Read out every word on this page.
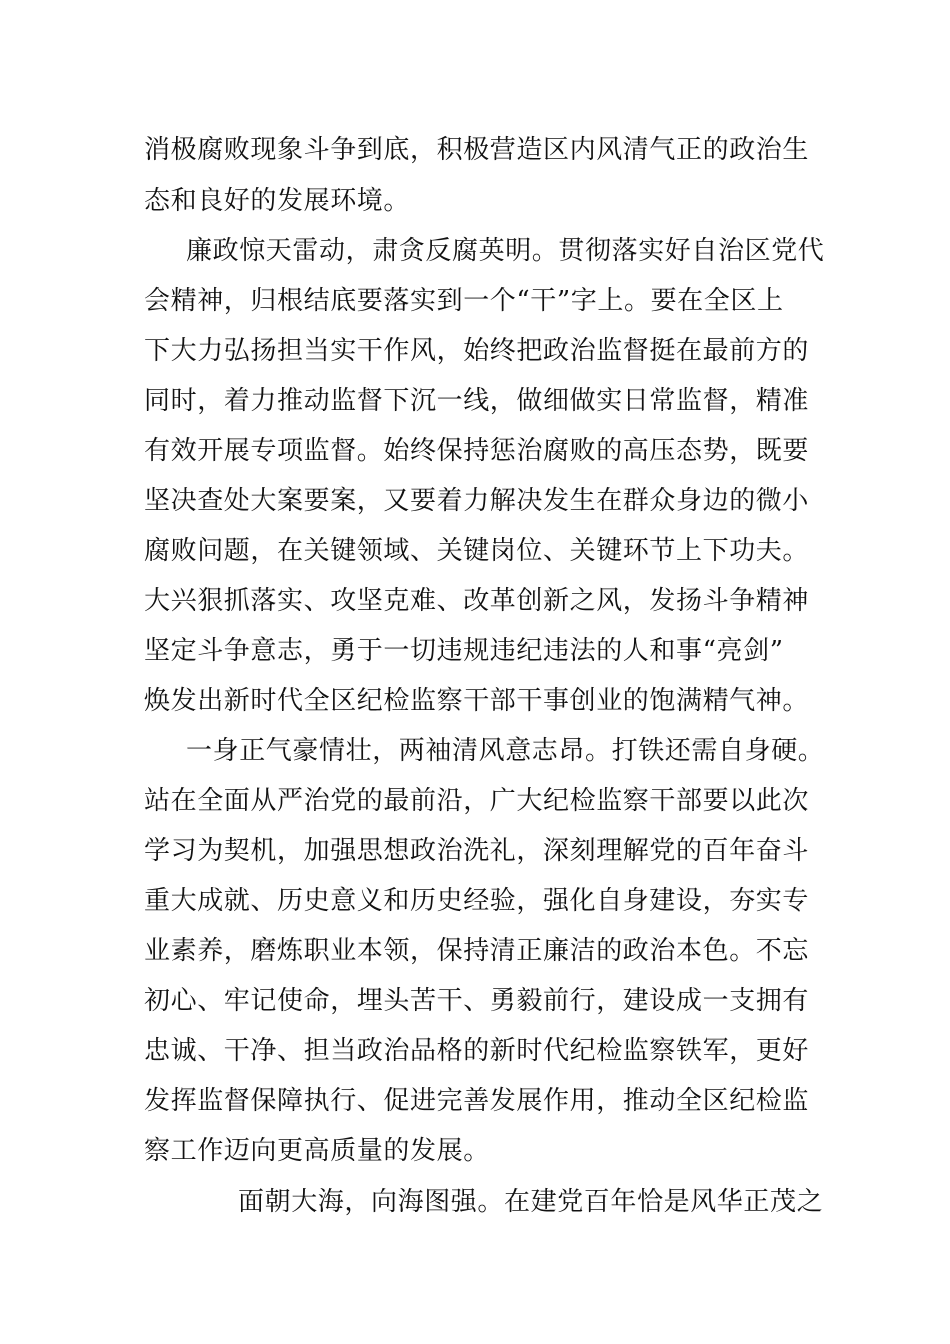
消极腐败现象斗争到底，积极营造区内风清气正的政治生
态和良好的发展环境。
廉政惊天雷动，肃贪反腐英明。贯彻落实好自治区党代
会精神，归根结底要落实到一个“干”字上。要在全区上
下大力弘扬担当实干作风，始终把政治监督挺在最前方的
同时，着力推动监督下沉一线，做细做实日常监督，精准
有效开展专项监督。始终保持惩治腐败的高压态势，既要
坚决查处大案要案，又要着力解决发生在群众身边的微小
腐败问题，在关键领域、关键岗位、关键环节上下功夫。
大兴狠抓落实、攻坚克难、改革创新之风，发扬斗争精神
坚定斗争意志，勇于一切违规违纪违法的人和事“亮剑”
焕发出新时代全区纪检监察干部干事创业的饱满精气神。
一身正气豪情壮，两袖清风意志昂。打铁还需自身硬。
站在全面从严治党的最前沿，广大纪检监察干部要以此次
学习为契机，加强思想政治洗礼，深刻理解党的百年奋斗
重大成就、历史意义和历史经验，强化自身建设，夯实专
业素养，磨炼职业本领，保持清正廉洁的政治本色。不忘
初心、牢记使命，埋头苦干、勇毅前行，建设成一支拥有
忠诚、干净、担当政治品格的新时代纪检监察铁军，更好
发挥监督保障执行、促进完善发展作用，推动全区纪检监
察工作迈向更高质量的发展。
面朝大海，向海图强。在建党百年恰是风华正茂之
